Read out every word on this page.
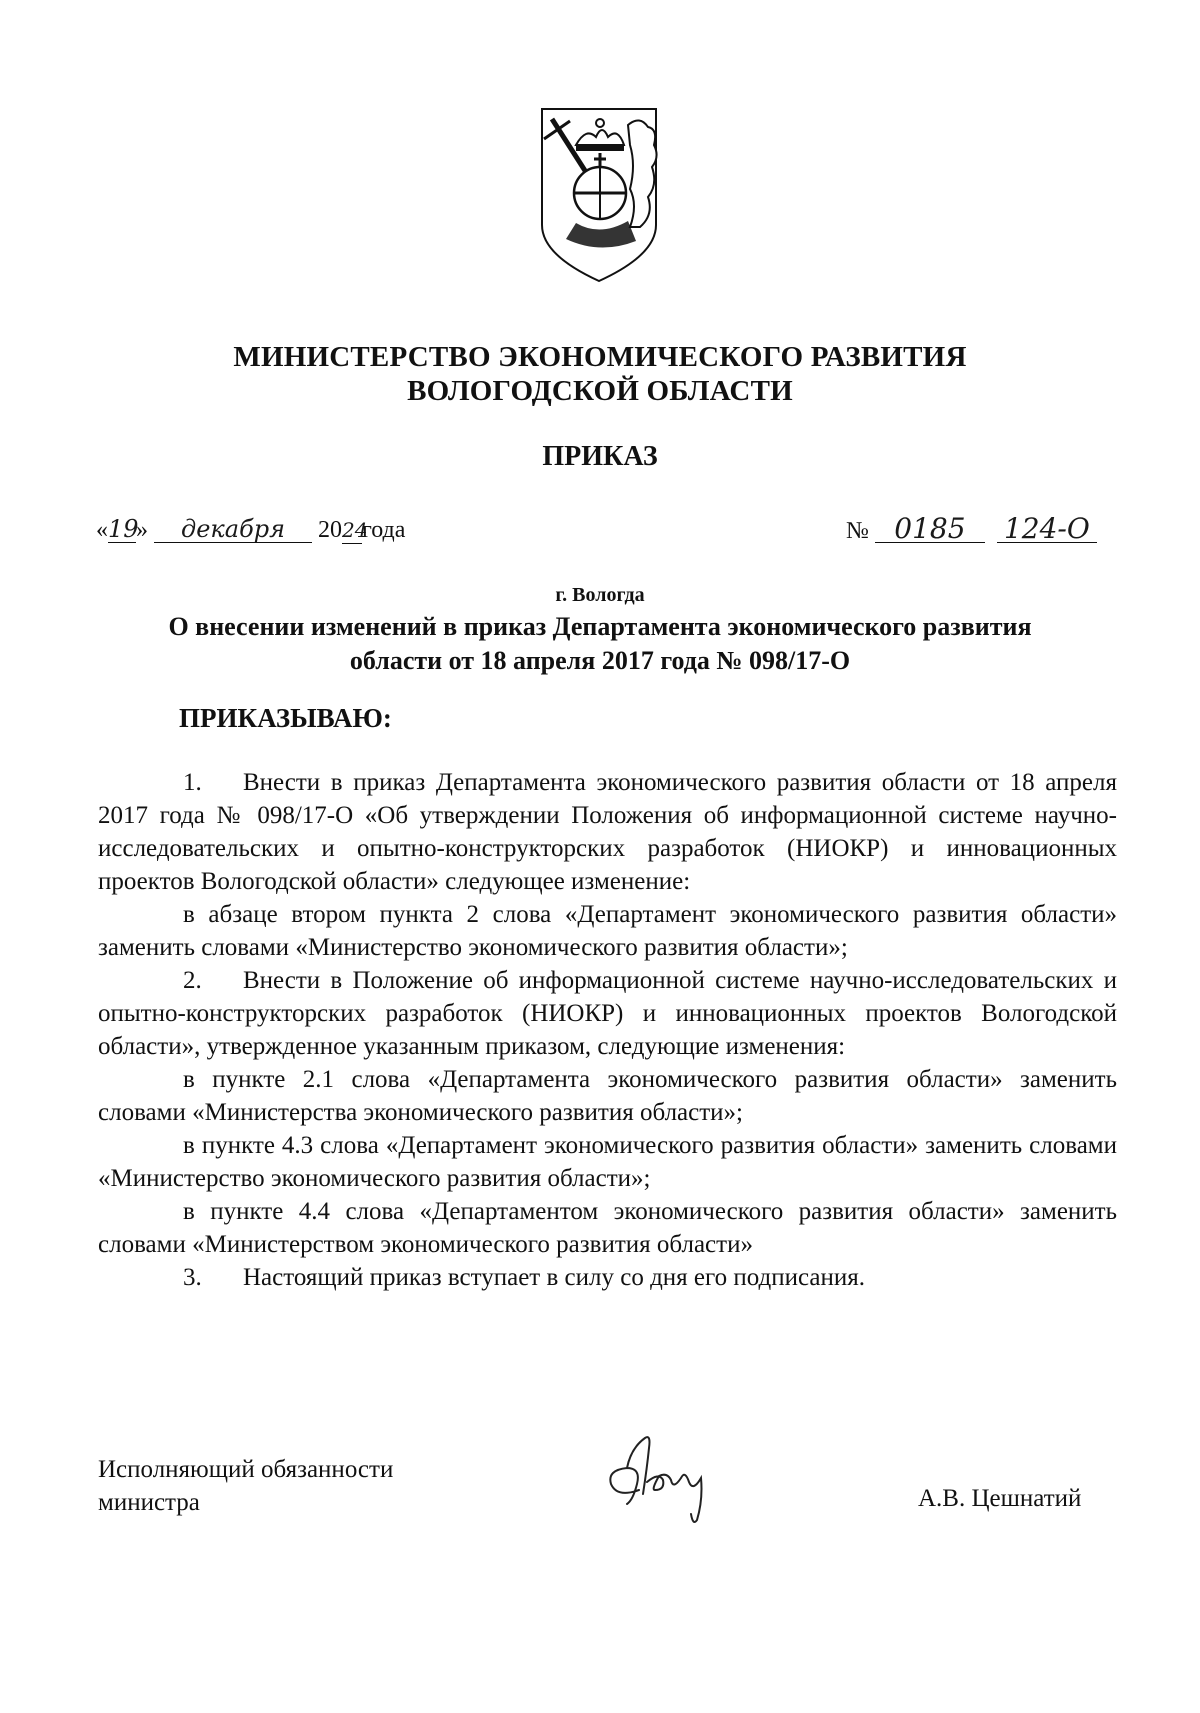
МИНИСТЕРСТВО ЭКОНОМИЧЕСКОГО РАЗВИТИЯ
ВОЛОГОДСКОЙ ОБЛАСТИ
ПРИКАЗ
«19» декабря 2024года	№ 0185 124-О
г. Вологда
О внесении изменений в приказ Департамента экономического развития
области от 18 апреля 2017 года № 098/17-О
ПРИКАЗЫВАЮ:

1. Внести в приказ Департамента экономического развития области от 18 апреля 2017 года № 098/17-О «Об утверждении Положения об информационной системе научно-исследовательских и опытно-конструкторских разработок (НИОКР) и инновационных проектов Вологодской области» следующее изменение:

в абзаце втором пункта 2 слова «Департамент экономического развития области» заменить словами «Министерство экономического развития области»;

2. Внести в Положение об информационной системе научно-исследовательских и опытно-конструкторских разработок (НИОКР) и инновационных проектов Вологодской области», утвержденное указанным приказом, следующие изменения:

в пункте 2.1 слова «Департамента экономического развития области» заменить словами «Министерства экономического развития области»;

в пункте 4.3 слова «Департамент экономического развития области» заменить словами «Министерство экономического развития области»;

в пункте 4.4 слова «Департаментом экономического развития области» заменить словами «Министерством экономического развития области»

3. Настоящий приказ вступает в силу со дня его подписания.

Исполняющий обязанности
министра	А.В. Цешнатий
